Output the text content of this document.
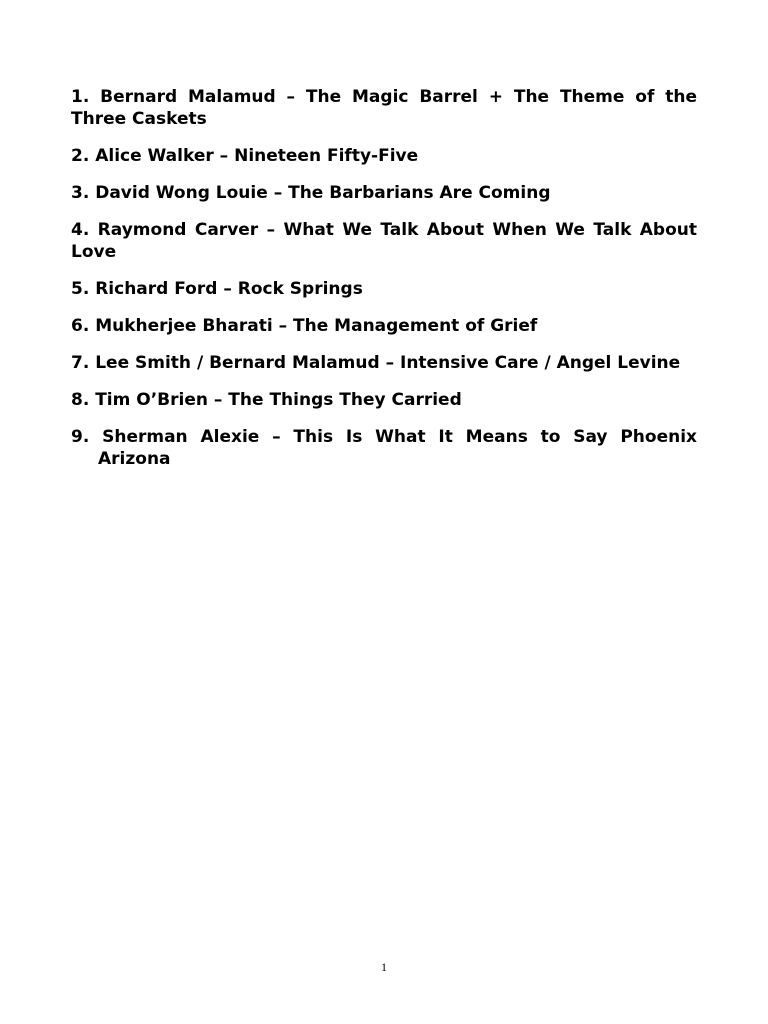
1. Bernard Malamud – The Magic Barrel + The Theme of the Three Caskets
2. Alice Walker – Nineteen Fifty-Five
3. David Wong Louie – The Barbarians Are Coming
4. Raymond Carver – What We Talk About When We Talk About Love
5. Richard Ford – Rock Springs
6. Mukherjee Bharati – The Management of Grief
7. Lee Smith / Bernard Malamud – Intensive Care / Angel Levine
8. Tim O’Brien – The Things They Carried
9. Sherman Alexie – This Is What It Means to Say Phoenix Arizona
1
